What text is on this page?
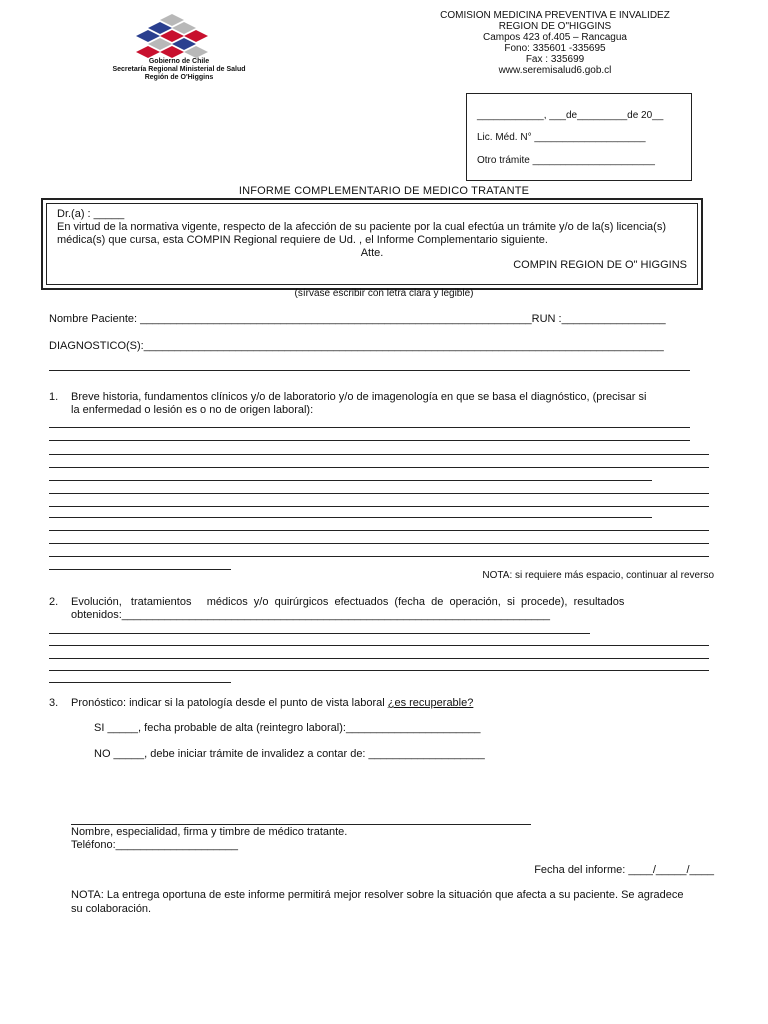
Gobierno de Chile
Secretaría Regional Ministerial de Salud
Región de O'Higgins
COMISION MEDICINA PREVENTIVA E INVALIDEZ
REGION DE O"HIGGINS
Campos 423 of.405 – Rancagua
Fono: 335601 -335695
Fax : 335699
www.seremisalud6.gob.cl
____________, ___de_________de 20__
Lic. Méd. N° ____________________
Otro trámite ______________________
INFORME COMPLEMENTARIO DE MEDICO TRATANTE
Dr.(a) : _____
En virtud de la normativa vigente, respecto de la afección de su paciente por la cual efectúa un trámite y/o de la(s) licencia(s)
médica(s) que cursa, esta COMPIN Regional requiere de Ud. , el Informe Complementario siguiente.
Atte.
COMPIN REGION DE O" HIGGINS
(sírvase escribir con letra clara y legible)
Nombre Paciente: ________________________________________________________________RUN :_________________
DIAGNOSTICO(S):_____________________________________________________________________________________
1. Breve historia, fundamentos clínicos y/o de laboratorio y/o de imagenología en que se basa el diagnóstico, (precisar si
la enfermedad o lesión es o no de origen laboral):
NOTA: si requiere más espacio, continuar al reverso
2. Evolución,   tratamientos     médicos  y/o  quirúrgicos  efectuados  (fecha  de  operación,  si  procede),  resultados
obtenidos:______________________________________________________________________
3. Pronóstico: indicar si la patología desde el punto de vista laboral ¿es recuperable?
SI _____, fecha probable de alta (reintegro laboral):______________________
NO _____, debe iniciar trámite de invalidez a contar de: ___________________
Nombre, especialidad, firma y timbre de médico tratante.
Teléfono:____________________
Fecha del informe: ____/_____/____
NOTA: La entrega oportuna de este informe permitirá mejor resolver sobre la situación que afecta a su paciente. Se agradece
su colaboración.
